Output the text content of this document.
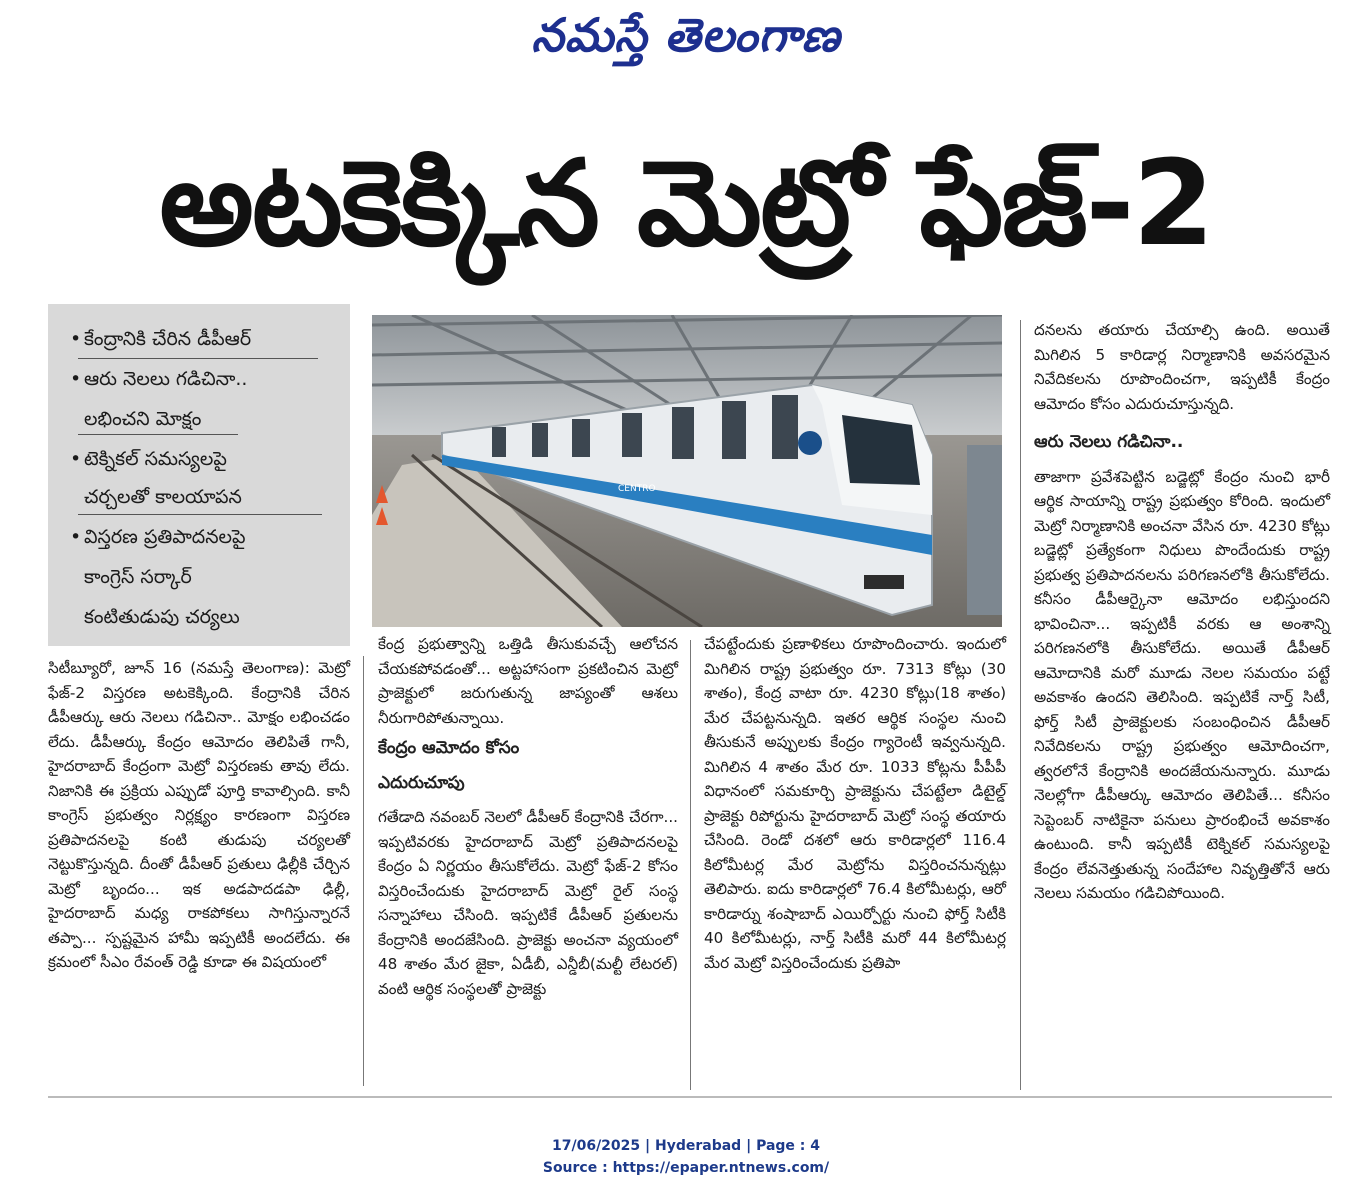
నమస్తే తెలంగాణ
అటకెక్కిన మెట్రో ఫేజ్-2
• కేంద్రానికి చేరిన డీపీఆర్
• ఆరు నెలలు గడిచినా..
లభించని మోక్షం
• టెక్నికల్ సమస్యలపై
చర్చలతో కాలయాపన
• విస్తరణ ప్రతిపాదనలపై
కాంగ్రెస్ సర్కార్
కంటితుడుపు చర్యలు
CENTRO

సిటీబ్యూరో, జూన్ 16 (నమస్తే తెలంగాణ): మెట్రో ఫేజ్-2 విస్తరణ అటకెక్కింది. కేంద్రానికి చేరిన డీపీఆర్కు ఆరు నెలలు గడిచినా.. మోక్షం లభించడం లేదు. డీపీఆర్కు కేంద్రం ఆమోదం తెలిపితే గానీ, హైదరాబాద్ కేంద్రంగా మెట్రో విస్తరణకు తావు లేదు. నిజానికి ఈ ప్రక్రియ ఎప్పుడో పూర్తి కావాల్సింది. కానీ కాంగ్రెస్ ప్రభుత్వం నిర్లక్ష్యం కారణంగా విస్తరణ ప్రతిపాదనలపై కంటి తుడుపు చర్యలతో నెట్టుకొస్తున్నది. దీంతో డీపీఆర్ ప్రతులు ఢిల్లీకి చేర్చిన మెట్రో బృందం... ఇక అడపాదడపా ఢిల్లీ, హైదరాబాద్ మధ్య రాకపోకలు సాగిస్తున్నారనే తప్పా... స్పష్టమైన హామీ ఇప్పటికీ అందలేదు. ఈ క్రమంలో సీఎం రేవంత్ రెడ్డి కూడా ఈ విషయంలో

కేంద్ర ప్రభుత్వాన్ని ఒత్తిడి తీసుకువచ్చే ఆలోచన చేయకపోవడంతో... అట్టహాసంగా ప్రకటించిన మెట్రో ప్రాజెక్టులో జరుగుతున్న జాప్యంతో ఆశలు నీరుగారిపోతున్నాయి.

కేంద్రం ఆమోదం కోసం
ఎదురుచూపు

గతేడాది నవంబర్ నెలలో డీపీఆర్ కేంద్రానికి చేరగా... ఇప్పటివరకు హైదరాబాద్ మెట్రో ప్రతిపాదనలపై కేంద్రం ఏ నిర్ణయం తీసుకోలేదు. మెట్రో ఫేజ్-2 కోసం విస్తరించేందుకు హైదరాబాద్ మెట్రో రైల్ సంస్థ సన్నాహాలు చేసింది. ఇప్పటికే డీపీఆర్ ప్రతులను కేంద్రానికి అందజేసింది. ప్రాజెక్టు అంచనా వ్యయంలో 48 శాతం మేర జైకా, ఏడీబీ, ఎన్డీబీ(మల్టీ లేటరల్) వంటి ఆర్థిక సంస్థలతో ప్రాజెక్టు

చేపట్టేందుకు ప్రణాళికలు రూపొందించారు. ఇందులో మిగిలిన రాష్ట్ర ప్రభుత్వం రూ. 7313 కోట్లు (30 శాతం), కేంద్ర వాటా రూ. 4230 కోట్లు(18 శాతం) మేర చేపట్టనున్నది. ఇతర ఆర్థిక సంస్థల నుంచి తీసుకునే అప్పులకు కేంద్రం గ్యారెంటీ ఇవ్వనున్నది. మిగిలిన 4 శాతం మేర రూ. 1033 కోట్లను పీపీపీ విధానంలో సమకూర్చి ప్రాజెక్టును చేపట్టేలా డిటైల్డ్ ప్రాజెక్టు రిపోర్టును హైదరాబాద్ మెట్రో సంస్థ తయారు చేసింది. రెండో దశలో ఆరు కారిడార్లలో 116.4 కిలోమీటర్ల మేర మెట్రోను విస్తరించనున్నట్లు తెలిపారు. ఐదు కారిడార్లలో 76.4 కిలోమీటర్లు, ఆరో కారిడార్ను శంషాబాద్ ఎయిర్పోర్టు నుంచి ఫోర్త్ సిటీకి 40 కిలోమీటర్లు, నార్త్ సిటీకి మరో 44 కిలోమీటర్ల మేర మెట్రో విస్తరించేందుకు ప్రతిపా

దనలను తయారు చేయాల్సి ఉంది. అయితే మిగిలిన 5 కారిడార్ల నిర్మాణానికి అవసరమైన నివేదికలను రూపొందించగా, ఇప్పటికీ కేంద్రం ఆమోదం కోసం ఎదురుచూస్తున్నది.

ఆరు నెలలు గడిచినా..

తాజాగా ప్రవేశపెట్టిన బడ్జెట్లో కేంద్రం నుంచి భారీ ఆర్థిక సాయాన్ని రాష్ట్ర ప్రభుత్వం కోరింది. ఇందులో మెట్రో నిర్మాణానికి అంచనా వేసిన రూ. 4230 కోట్లు బడ్జెట్లో ప్రత్యేకంగా నిధులు పొందేందుకు రాష్ట్ర ప్రభుత్వ ప్రతిపాదనలను పరిగణనలోకి తీసుకోలేదు. కనీసం డీపీఆర్కైనా ఆమోదం లభిస్తుందని భావించినా... ఇప్పటికీ వరకు ఆ అంశాన్ని పరిగణనలోకి తీసుకోలేదు. అయితే డీపీఆర్ ఆమోదానికి మరో మూడు నెలల సమయం పట్టే అవకాశం ఉందని తెలిసింది. ఇప్పటికే నార్త్ సిటీ, ఫోర్త్ సిటీ ప్రాజెక్టులకు సంబంధించిన డీపీఆర్ నివేదికలను రాష్ట్ర ప్రభుత్వం ఆమోదించగా, త్వరలోనే కేంద్రానికి అందజేయనున్నారు. మూడు నెలల్లోగా డీపీఆర్కు ఆమోదం తెలిపితే... కనీసం సెప్టెంబర్ నాటికైనా పనులు ప్రారంభించే అవకాశం ఉంటుంది. కానీ ఇప్పటికీ టెక్నికల్ సమస్యలపై కేంద్రం లేవనెత్తుతున్న సందేహాల నివృత్తితోనే ఆరు నెలలు సమయం గడిచిపోయింది.

17/06/2025 | Hyderabad | Page : 4
Source : https://epaper.ntnews.com/
